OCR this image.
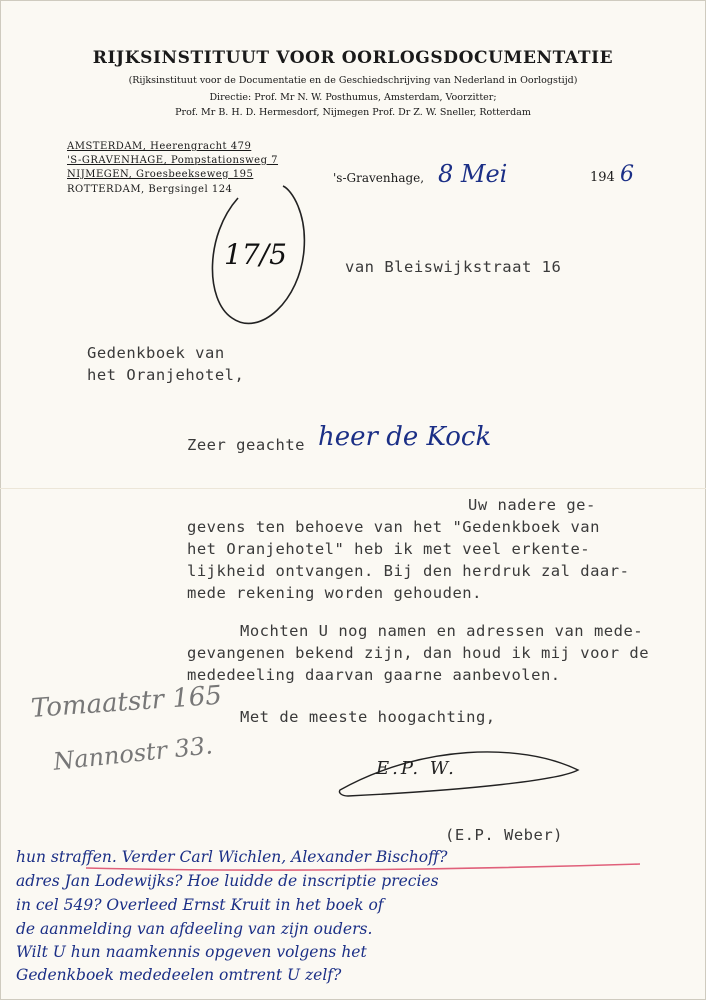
RIJKSINSTITUUT VOOR OORLOGSDOCUMENTATIE
(Rijksinstituut voor de Documentatie en de Geschiedschrijving van Nederland in Oorlogstijd)
Directie: Prof. Mr N. W. Posthumus, Amsterdam, Voorzitter;
Prof. Mr B. H. D. Hermesdorf, Nijmegen Prof. Dr Z. W. Sneller, Rotterdam
AMSTERDAM, Heerengracht 479
'S-GRAVENHAGE, Pompstationsweg 7
NIJMEGEN, Groesbeekseweg 195
ROTTERDAM, Bergsingel 124
's-Gravenhage, 8 Mei	194 6
17/5	van Bleiswijkstraat 16
Gedenkboek van
het Oranjehotel,
Zeer geachte heer de Kock
Uw nadere ge-
gevens ten behoeve van het "Gedenkboek van
het Oranjehotel" heb ik met veel erkente-
lijkheid ontvangen. Bij den herdruk zal daar-
mede rekening worden gehouden.
Mochten U nog namen en adressen van mede-
gevangenen bekend zijn, dan houd ik mij voor de
mededeeling daarvan gaarne aanbevolen.
Met de meeste hoogachting,
Tomaatstr 165
Nannostr 33.	E.P. W.
(E.P. Weber)
hun straffen. Verder Carl Wichlen, Alexander Bischoff?
adres Jan Lodewijks? Hoe luidde de inscriptie precies
in cel 549? Overleed Ernst Kruit in het boek of
de aanmelding van afdeeling van zijn ouders.
Wilt U hun naamkennis opgeven volgens het
Gedenkboek mededeelen omtrent U zelf?
